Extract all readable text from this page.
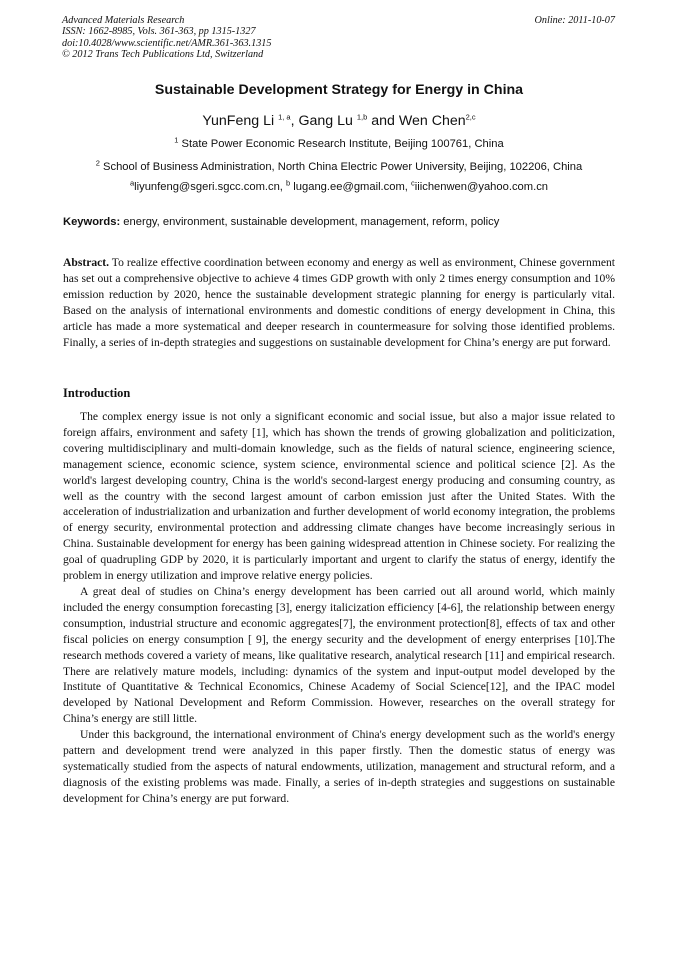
Advanced Materials Research
ISSN: 1662-8985, Vols. 361-363, pp 1315-1327
doi:10.4028/www.scientific.net/AMR.361-363.1315
© 2012 Trans Tech Publications Ltd, Switzerland
Online: 2011-10-07
Sustainable Development Strategy for Energy in China
YunFeng Li $^{1, a}$, Gang Lu $^{1,b}$ and Wen Chen$^{2,c}$
$^1$ State Power Economic Research Institute, Beijing 100761, China
$^2$ School of Business Administration, North China Electric Power University, Beijing, 102206, China
$^a$liyunfeng@sgeri.sgcc.com.cn, $^b$ lugang.ee@gmail.com, $^c$iiichenwen@yahoo.com.cn
Keywords: energy, environment, sustainable development, management, reform, policy

Abstract. To realize effective coordination between economy and energy as well as environment, Chinese government has set out a comprehensive objective to achieve 4 times GDP growth with only 2 times energy consumption and 10% emission reduction by 2020, hence the sustainable development strategic planning for energy is particularly vital. Based on the analysis of international environments and domestic conditions of energy development in China, this article has made a more systematical and deeper research in countermeasure for solving those identified problems. Finally, a series of in-depth strategies and suggestions on sustainable development for China’s energy are put forward.

Introduction

The complex energy issue is not only a significant economic and social issue, but also a major issue related to foreign affairs, environment and safety [1], which has shown the trends of growing globalization and politicization, covering multidisciplinary and multi-domain knowledge, such as the fields of natural science, engineering science, management science, economic science, system science, environmental science and political science [2]. As the world's largest developing country, China is the world's second-largest energy producing and consuming country, as well as the country with the second largest amount of carbon emission just after the United States. With the acceleration of industrialization and urbanization and further development of world economy integration, the problems of energy security, environmental protection and addressing climate changes have become increasingly serious in China. Sustainable development for energy has been gaining widespread attention in Chinese society. For realizing the goal of quadrupling GDP by 2020, it is particularly important and urgent to clarify the status of energy, identify the problem in energy utilization and improve relative energy policies.

A great deal of studies on China’s energy development has been carried out all around world, which mainly included the energy consumption forecasting [3], energy italicization efficiency [4-6], the relationship between energy consumption, industrial structure and economic aggregates[7], the environment protection[8], effects of tax and other fiscal policies on energy consumption [ 9], the energy security and the development of energy enterprises [10].The research methods covered a variety of means, like qualitative research, analytical research [11] and empirical research. There are relatively mature models, including: dynamics of the system and input-output model developed by the Institute of Quantitative & Technical Economics, Chinese Academy of Social Science[12], and the IPAC model developed by National Development and Reform Commission. However, researches on the overall strategy for China’s energy are still little.

Under this background, the international environment of China's energy development such as the world's energy pattern and development trend were analyzed in this paper firstly. Then the domestic status of energy was systematically studied from the aspects of natural endowments, utilization, management and structural reform, and a diagnosis of the existing problems was made. Finally, a series of in-depth strategies and suggestions on sustainable development for China’s energy are put forward.
